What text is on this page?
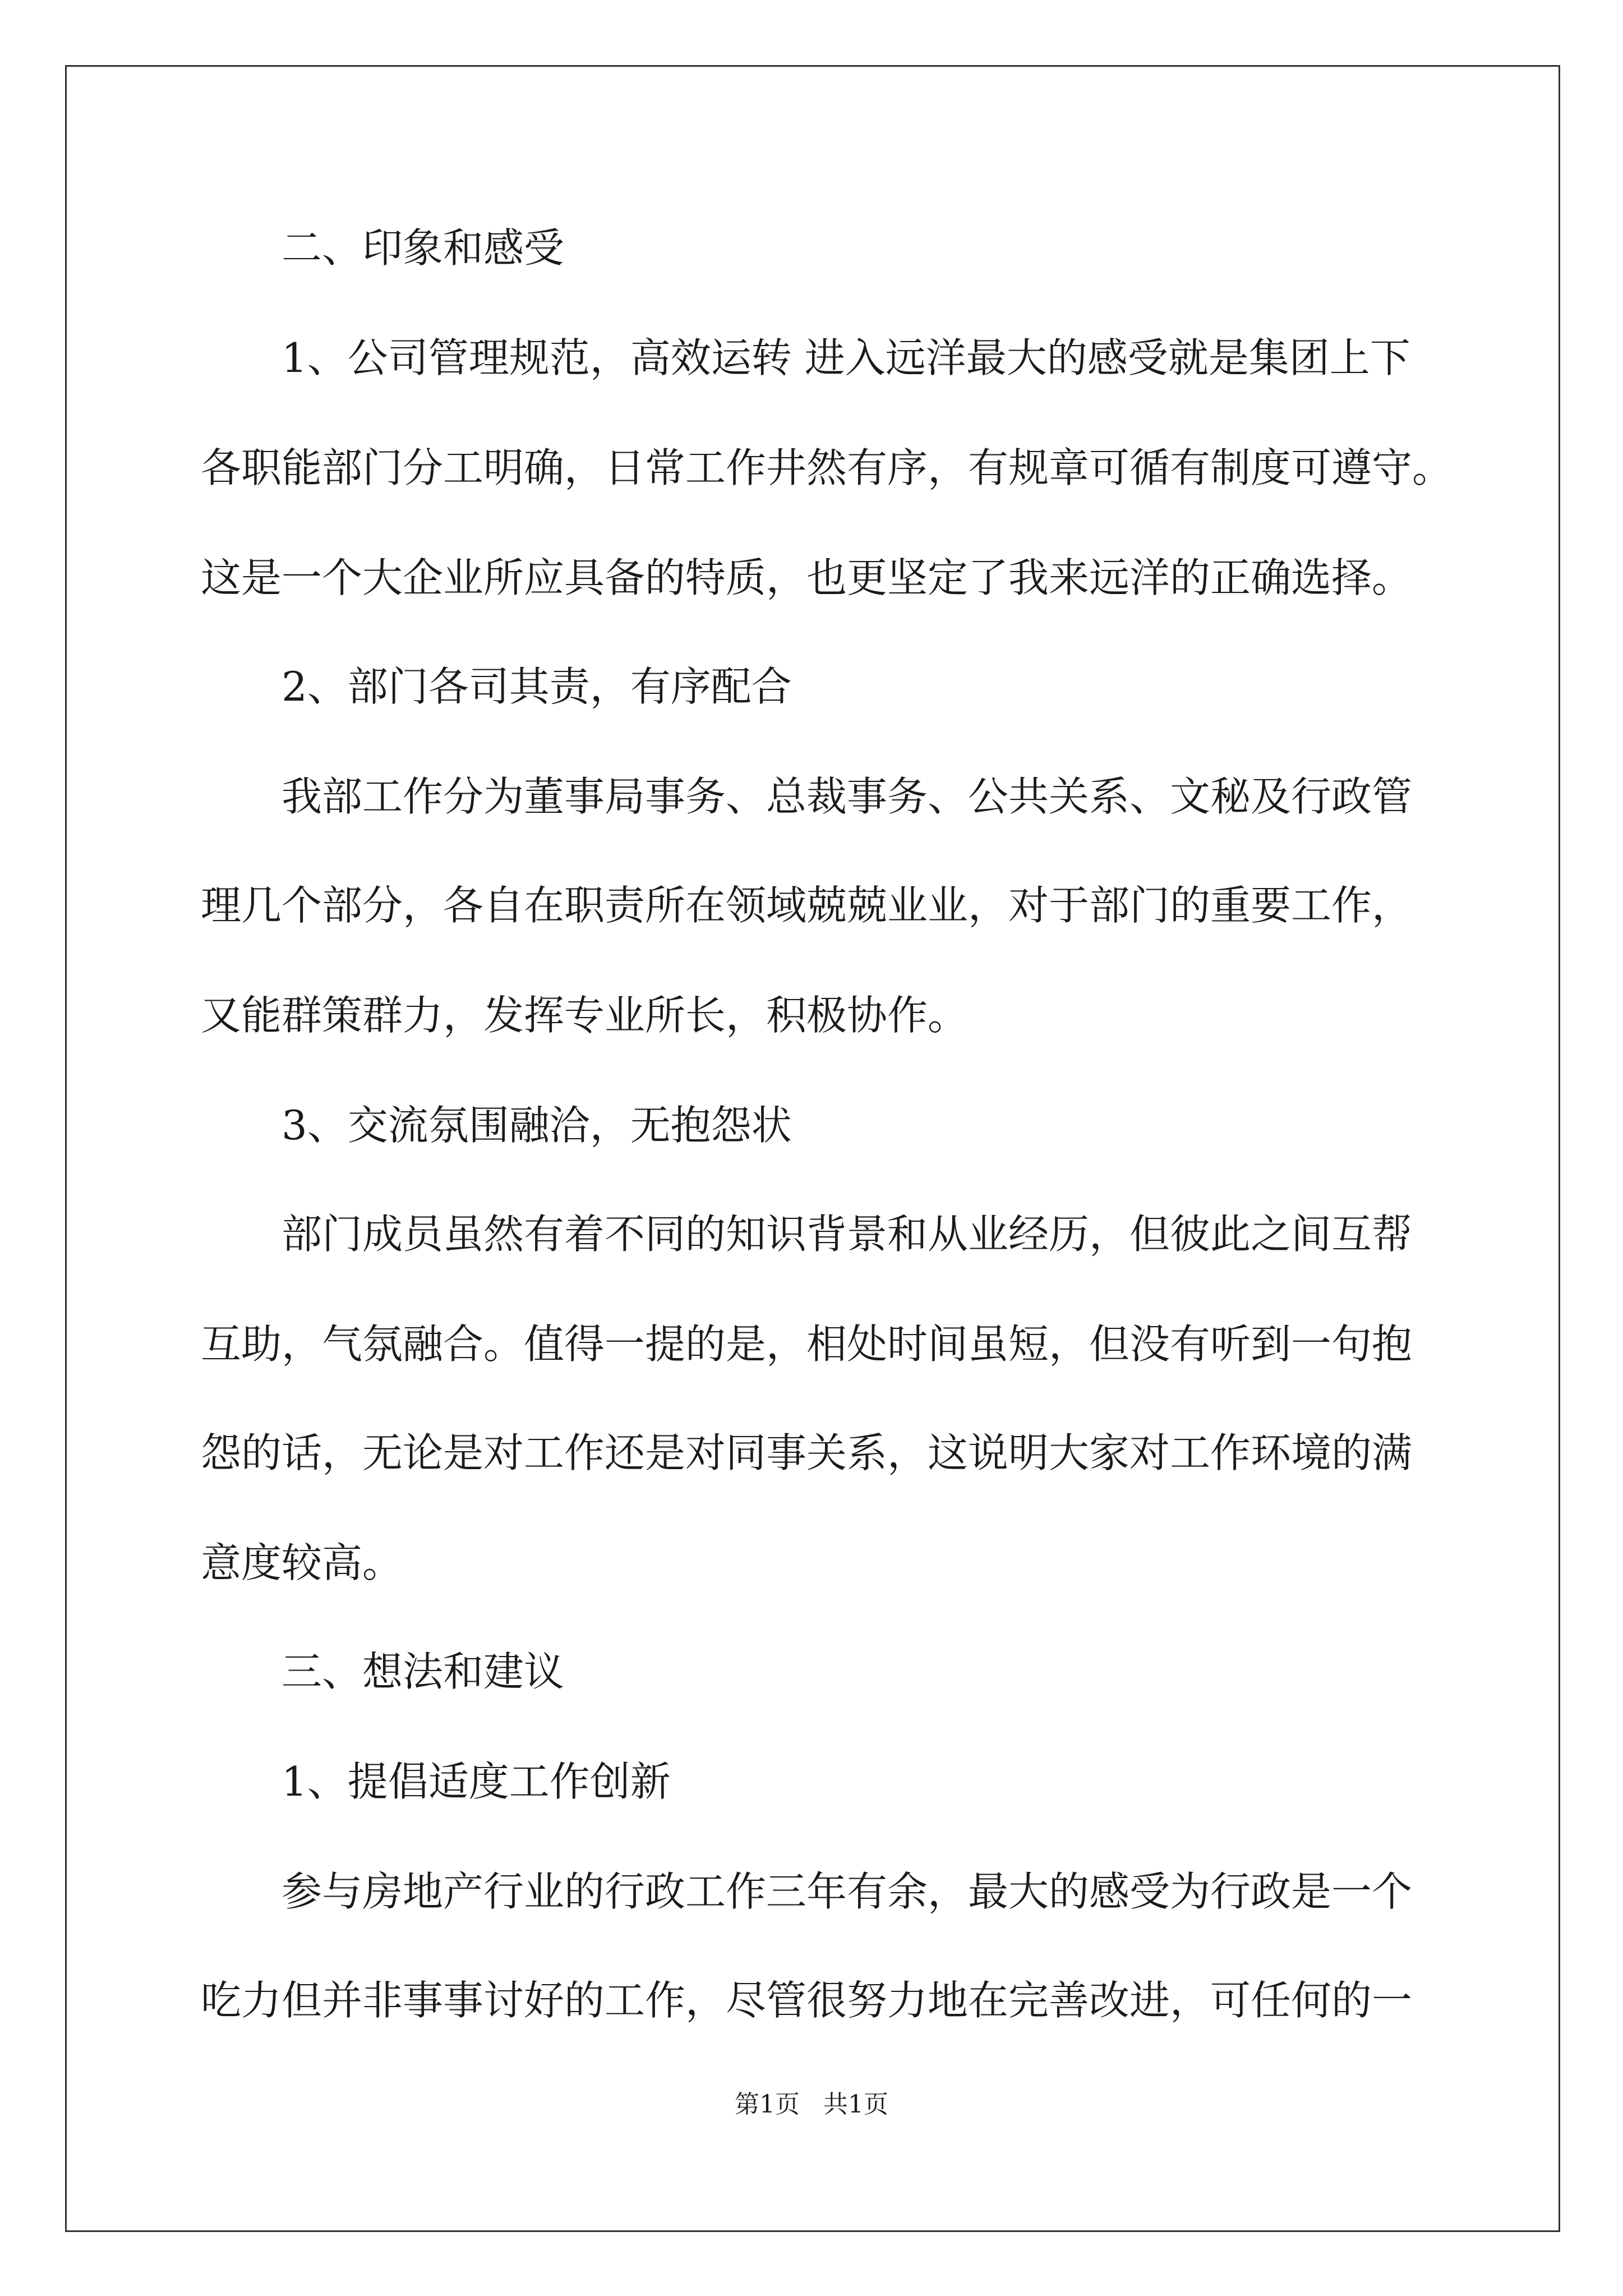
二、印象和感受
1、公司管理规范，高效运转 进入远洋最大的感受就是集团上下
各职能部门分工明确，日常工作井然有序，有规章可循有制度可遵守。
这是一个大企业所应具备的特质，也更坚定了我来远洋的正确选择。
2、部门各司其责，有序配合
我部工作分为董事局事务、总裁事务、公共关系、文秘及行政管
理几个部分，各自在职责所在领域兢兢业业，对于部门的重要工作，
又能群策群力，发挥专业所长，积极协作。
3、交流氛围融洽，无抱怨状
部门成员虽然有着不同的知识背景和从业经历，但彼此之间互帮
互助，气氛融合。值得一提的是，相处时间虽短，但没有听到一句抱
怨的话，无论是对工作还是对同事关系，这说明大家对工作环境的满
意度较高。
三、想法和建议
1、提倡适度工作创新
参与房地产行业的行政工作三年有余，最大的感受为行政是一个
吃力但并非事事讨好的工作，尽管很努力地在完善改进，可任何的一
第1页   共1页
